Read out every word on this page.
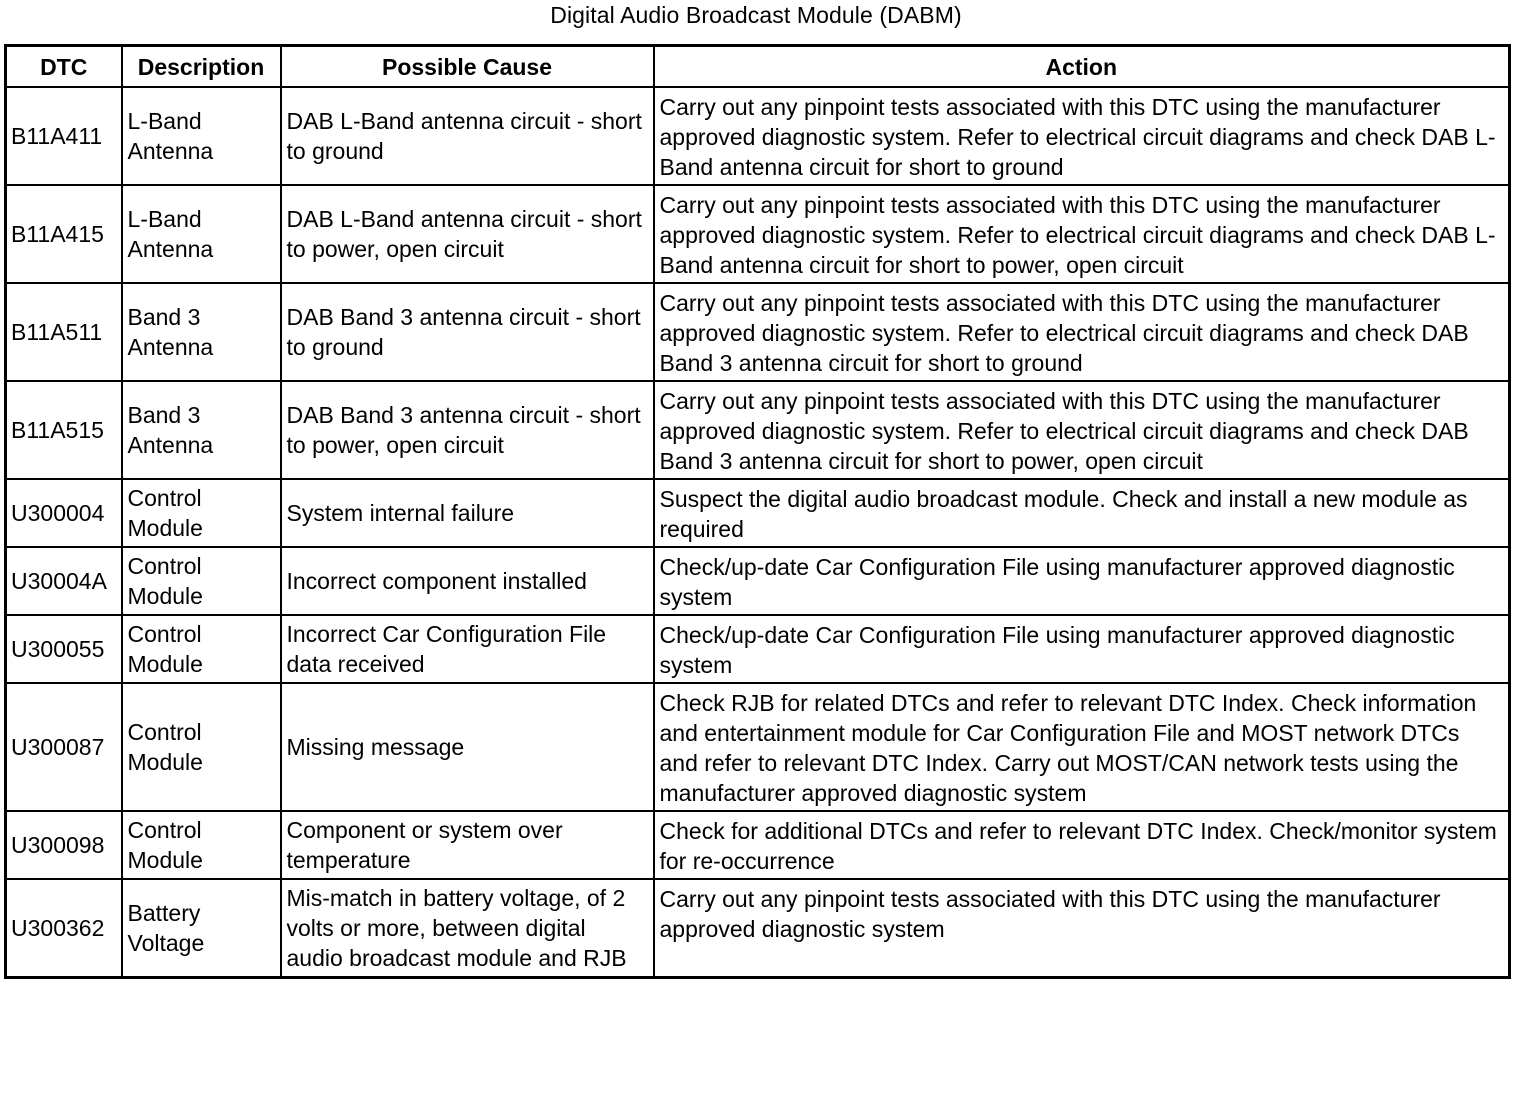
Digital Audio Broadcast Module (DABM)
DTC	Description	Possible Cause	Action
B11A411	L-Band Antenna	DAB L-Band antenna circuit - short to ground	Carry out any pinpoint tests associated with this DTC using the manufacturer approved diagnostic system. Refer to electrical circuit diagrams and check DAB L-Band antenna circuit for short to ground
B11A415	L-Band Antenna	DAB L-Band antenna circuit - short to power, open circuit	Carry out any pinpoint tests associated with this DTC using the manufacturer approved diagnostic system. Refer to electrical circuit diagrams and check DAB L-Band antenna circuit for short to power, open circuit
B11A511	Band 3 Antenna	DAB Band 3 antenna circuit - short to ground	Carry out any pinpoint tests associated with this DTC using the manufacturer approved diagnostic system. Refer to electrical circuit diagrams and check DAB Band 3 antenna circuit for short to ground
B11A515	Band 3 Antenna	DAB Band 3 antenna circuit - short to power, open circuit	Carry out any pinpoint tests associated with this DTC using the manufacturer approved diagnostic system. Refer to electrical circuit diagrams and check DAB Band 3 antenna circuit for short to power, open circuit
U300004	Control Module	System internal failure	Suspect the digital audio broadcast module. Check and install a new module as required
U30004A	Control Module	Incorrect component installed	Check/up-date Car Configuration File using manufacturer approved diagnostic system
U300055	Control Module	Incorrect Car Configuration File data received	Check/up-date Car Configuration File using manufacturer approved diagnostic system
U300087	Control Module	Missing message	Check RJB for related DTCs and refer to relevant DTC Index. Check information and entertainment module for Car Configuration File and MOST network DTCs and refer to relevant DTC Index. Carry out MOST/CAN network tests using the manufacturer approved diagnostic system
U300098	Control Module	Component or system over temperature	Check for additional DTCs and refer to relevant DTC Index. Check/monitor system for re-occurrence
U300362	Battery Voltage	Mis-match in battery voltage, of 2 volts or more, between digital audio broadcast module and RJB	Carry out any pinpoint tests associated with this DTC using the manufacturer approved diagnostic system
